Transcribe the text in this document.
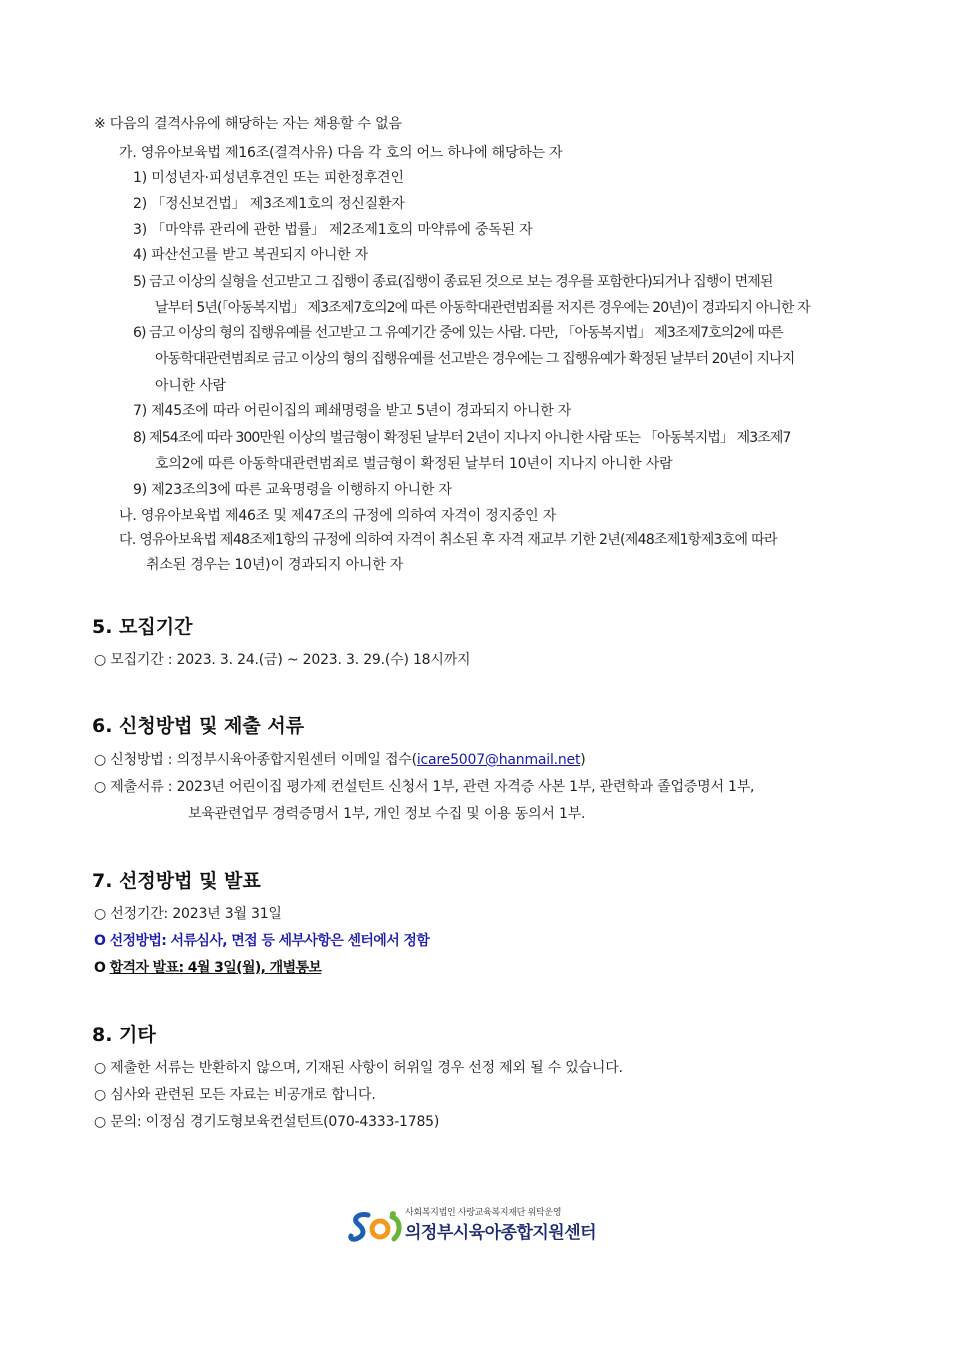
※ 다음의 결격사유에 해당하는 자는 채용할 수 없음
가. 영유아보육법 제16조(결격사유) 다음 각 호의 어느 하나에 해당하는 자
1) 미성년자·피성년후견인 또는 피한정후견인
2) 「정신보건법」 제3조제1호의 정신질환자
3) 「마약류 관리에 관한 법률」 제2조제1호의 마약류에 중독된 자
4) 파산선고를 받고 복권되지 아니한 자
5) 금고 이상의 실형을 선고받고 그 집행이 종료(집행이 종료된 것으로 보는 경우를 포함한다)되거나 집행이 면제된
날부터 5년(「아동복지법」 제3조제7호의2에 따른 아동학대관련범죄를 저지른 경우에는 20년)이 경과되지 아니한 자
6) 금고 이상의 형의 집행유예를 선고받고 그 유예기간 중에 있는 사람. 다만, 「아동복지법」 제3조제7호의2에 따른
아동학대관련범죄로 금고 이상의 형의 집행유예를 선고받은 경우에는 그 집행유예가 확정된 날부터 20년이 지나지
아니한 사람
7) 제45조에 따라 어린이집의 폐쇄명령을 받고 5년이 경과되지 아니한 자
8) 제54조에 따라 300만원 이상의 벌금형이 확정된 날부터 2년이 지나지 아니한 사람 또는 「아동복지법」 제3조제7
호의2에 따른 아동학대관련범죄로 벌금형이 확정된 날부터 10년이 지나지 아니한 사람
9) 제23조의3에 따른 교육명령을 이행하지 아니한 자
나. 영유아보육법 제46조 및 제47조의 규정에 의하여 자격이 정지중인 자
다. 영유아보육법 제48조제1항의 규정에 의하여 자격이 취소된 후 자격 재교부 기한 2년(제48조제1항제3호에 따라
취소된 경우는 10년)이 경과되지 아니한 자
5. 모집기간
○ 모집기간 : 2023. 3. 24.(금) ~ 2023. 3. 29.(수) 18시까지
6. 신청방법 및 제출 서류
○ 신청방법 : 의정부시육아종합지원센터 이메일 접수(icare5007@hanmail.net)
○ 제출서류 : 2023년 어린이집 평가제 컨설턴트 신청서 1부, 관련 자격증 사본 1부, 관련학과 졸업증명서 1부,
보육관련업무 경력증명서 1부, 개인 정보 수집 및 이용 동의서 1부.
7. 선정방법 및 발표
○ 선정기간: 2023년 3월 31일
O 선정방법: 서류심사, 면접 등 세부사항은 센터에서 정함
O 합격자 발표: 4월 3일(월), 개별통보
8. 기타
○ 제출한 서류는 반환하지 않으며, 기재된 사항이 허위일 경우 선정 제외 될 수 있습니다.
○ 심사와 관련된 모든 자료는 비공개로 합니다.
○ 문의: 이정심 경기도형보육컨설턴트(070-4333-1785)
사회복지법인 사랑교육복지재단 위탁운영
의정부시육아종합지원센터
